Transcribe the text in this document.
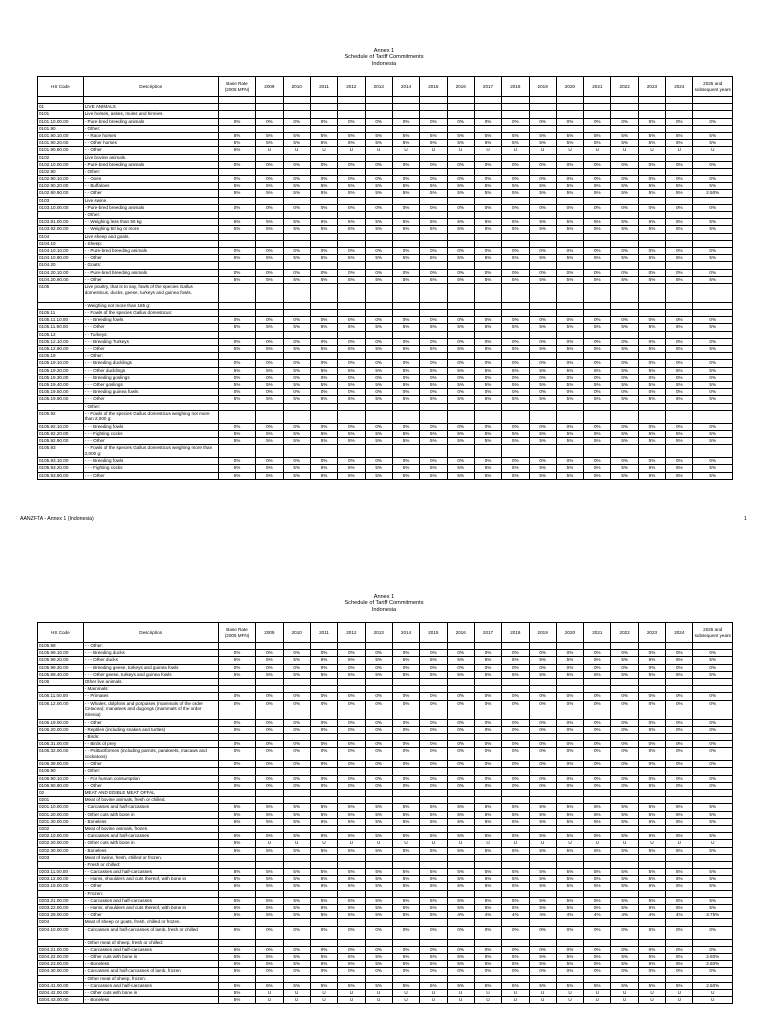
Annex 1
Schedule of Tariff Commitments
Indonesia
HS Code	Description	Base Rate (2005 MFN)	2009	2010	2011	2012	2013	2014	2015	2016	2017	2018	2019	2020	2021	2022	2023	2024	2025 and subsequent years

01	LIVE ANIMALS																		
0101	Live horses, asses, mules and hinnies.																		
0101.10.00.00	- Pure-bred breeding animals	0%	0%	0%	0%	0%	0%	0%	0%	0%	0%	0%	0%	0%	0%	0%	0%	0%	0%
0101.90	- Other:																		
0101.90.10.00	- - Race horses	5%	5%	5%	5%	5%	5%	5%	5%	5%	5%	5%	5%	5%	5%	5%	5%	5%	5%
0101.90.20.00	- - Other horses	5%	5%	5%	5%	5%	5%	5%	5%	5%	5%	5%	5%	5%	5%	5%	5%	5%	5%
0101.90.90.00	- - Other	5%	U	U	U	U	U	U	U	U	U	U	U	U	U	U	U	U	U
0102	Live bovine animals.																		
0102.10.00.00	- Pure-bred breeding animals	0%	0%	0%	0%	0%	0%	0%	0%	0%	0%	0%	0%	0%	0%	0%	0%	0%	0%
0102.90	- Other:																		
0102.90.10.00	- - Oxen	0%	0%	0%	0%	0%	0%	0%	0%	0%	0%	0%	0%	0%	0%	0%	0%	0%	0%
0102.90.20.00	- - Buffaloes	5%	5%	5%	5%	5%	5%	5%	5%	5%	5%	5%	5%	5%	5%	5%	5%	5%	5%
0102.90.90.00	- - Other	5%	5%	5%	5%	5%	5%	5%	5%	5%	5%	5%	5%	5%	5%	5%	5%	5%	2.50%
0103	Live swine.																		
0103.10.00.00	- Pure-bred breeding animals	0%	0%	0%	0%	0%	0%	0%	0%	0%	0%	0%	0%	0%	0%	0%	0%	0%	0%
	- Other:																		
0103.91.00.00	- - Weighing less than 50 kg	5%	5%	5%	5%	5%	5%	5%	5%	5%	5%	5%	5%	5%	5%	5%	5%	5%	5%
0103.92.00.00	- - Weighing 50 kg or more	5%	5%	5%	5%	5%	5%	5%	5%	5%	5%	5%	5%	5%	5%	5%	5%	5%	5%
0104	Live sheep and goats.																		
0104.10	- Sheep:																		
0104.10.10.00	- - Pure-bred breeding animals	0%	0%	0%	0%	0%	0%	0%	0%	0%	0%	0%	0%	0%	0%	0%	0%	0%	0%
0104.10.90.00	- - Other	5%	5%	5%	5%	5%	5%	5%	5%	5%	5%	5%	5%	5%	5%	5%	5%	5%	5%
0104.20	- Goats:																		
0104.20.10.00	- - Pure-bred breeding animals	0%	0%	0%	0%	0%	0%	0%	0%	0%	0%	0%	0%	0%	0%	0%	0%	0%	0%
0104.20.90.00	- - Other	5%	5%	5%	5%	5%	5%	5%	5%	5%	5%	5%	5%	5%	5%	5%	5%	5%	5%
0105	Live poultry, that is to say, fowls of the species Gallus domesticus, ducks, geese, turkeys and guinea fowls.																		
	- Weighing not more than 185 g:																		
0105.11	- - Fowls of the species Gallus domesticus:																		
0105.11.10.00	- - - Breeding fowls	0%	0%	0%	0%	0%	0%	0%	0%	0%	0%	0%	0%	0%	0%	0%	0%	0%	0%
0105.11.90.00	- - - Other	5%	5%	5%	5%	5%	5%	5%	5%	5%	5%	5%	5%	5%	5%	5%	5%	5%	5%
0105.12	- - Turkeys:																		
0105.12.10.00	- - - Breeding Turkeys	0%	0%	0%	0%	0%	0%	0%	0%	0%	0%	0%	0%	0%	0%	0%	0%	0%	0%
0105.12.90.00	- - - Other	5%	5%	5%	5%	5%	5%	5%	5%	5%	5%	5%	5%	5%	5%	5%	5%	5%	5%
0105.19	- - Other:																		
0105.19.10.00	- - - Breeding ducklings	0%	0%	0%	0%	0%	0%	0%	0%	0%	0%	0%	0%	0%	0%	0%	0%	0%	0%
0105.19.20.00	- - - Other ducklings	5%	5%	5%	5%	5%	5%	5%	5%	5%	5%	5%	5%	5%	5%	5%	5%	5%	5%
0105.19.30.00	- - - Breeding goslings	0%	0%	0%	0%	0%	0%	0%	0%	0%	0%	0%	0%	0%	0%	0%	0%	0%	0%
0105.19.40.00	- - - Other goslings	5%	5%	5%	5%	5%	5%	5%	5%	5%	5%	5%	5%	5%	5%	5%	5%	5%	5%
0105.19.50.00	- - - Breeding guinea fowls	0%	0%	0%	0%	0%	0%	0%	0%	0%	0%	0%	0%	0%	0%	0%	0%	0%	0%
0105.19.90.00	- - - Other	5%	5%	5%	5%	5%	5%	5%	5%	5%	5%	5%	5%	5%	5%	5%	5%	5%	5%
	- Other:																		
0105.92	- - Fowls of the species Gallus domesticus weighing not more than 2,000 g:																		
0105.92.10.00	- - - Breeding fowls	0%	0%	0%	0%	0%	0%	0%	0%	0%	0%	0%	0%	0%	0%	0%	0%	0%	0%
0105.92.20.00	- - - Fighting cocks	5%	5%	5%	5%	5%	5%	5%	5%	5%	5%	5%	5%	5%	5%	5%	5%	5%	5%
0105.92.90.00	- - - Other	5%	5%	5%	5%	5%	5%	5%	5%	5%	5%	5%	5%	5%	5%	5%	5%	5%	5%
0105.93	- - Fowls of the species Gallus domesticus weighing more than 2,000 g:																		
0105.93.10.00	- - - Breeding fowls	0%	0%	0%	0%	0%	0%	0%	0%	0%	0%	0%	0%	0%	0%	0%	0%	0%	0%
0105.93.20.00	- - - Fighting cocks	5%	5%	5%	5%	5%	5%	5%	5%	5%	5%	5%	5%	5%	5%	5%	5%	5%	5%
0105.93.90.00	- - - Other	5%	5%	5%	5%	5%	5%	5%	5%	5%	5%	5%	5%	5%	5%	5%	5%	5%	5%
AANZFTA - Annex 1 (Indonesia)	1
Annex 1
Schedule of Tariff Commitments
Indonesia
HS Code	Description	Base Rate (2005 MFN)	2009	2010	2011	2012	2013	2014	2015	2016	2017	2018	2019	2020	2021	2022	2023	2024	2025 and subsequent years
0105.99	- - Other:																		
0105.99.10.00	- - - Breeding ducks	0%	0%	0%	0%	0%	0%	0%	0%	0%	0%	0%	0%	0%	0%	0%	0%	0%	0%
0105.99.20.00	- - - Other ducks	5%	5%	5%	5%	5%	5%	5%	5%	5%	5%	5%	5%	5%	5%	5%	5%	5%	5%
0105.99.30.00	- - - Breeding geese, turkeys and guinea fowls	0%	0%	0%	0%	0%	0%	0%	0%	0%	0%	0%	0%	0%	0%	0%	0%	0%	0%
0105.99.40.00	- - - Other geese, turkeys and guinea fowls	5%	5%	5%	5%	5%	5%	5%	5%	5%	5%	5%	5%	5%	5%	5%	5%	5%	5%
0106	Other live animals.																		
	- Mammals:																		
0106.11.00.00	- - Primates	0%	0%	0%	0%	0%	0%	0%	0%	0%	0%	0%	0%	0%	0%	0%	0%	0%	0%
0106.12.00.00	- - Whales, dolphins and porpoises (mammals of the order Cetacea); manatees and dugongs (mammals of the order Sirenia)	0%	0%	0%	0%	0%	0%	0%	0%	0%	0%	0%	0%	0%	0%	0%	0%	0%	0%
0106.19.00.00	- - Other	0%	0%	0%	0%	0%	0%	0%	0%	0%	0%	0%	0%	0%	0%	0%	0%	0%	0%
0106.20.00.00	- Reptiles (including snakes and turtles)	0%	0%	0%	0%	0%	0%	0%	0%	0%	0%	0%	0%	0%	0%	0%	0%	0%	0%
	- Birds:																		
0106.31.00.00	- - Birds of prey	0%	0%	0%	0%	0%	0%	0%	0%	0%	0%	0%	0%	0%	0%	0%	0%	0%	0%
0106.32.00.00	- - Psittaciformes (including parrots, parakeets, macaws and cockatoos)	0%	0%	0%	0%	0%	0%	0%	0%	0%	0%	0%	0%	0%	0%	0%	0%	0%	0%
0106.39.00.00	- - Other	0%	0%	0%	0%	0%	0%	0%	0%	0%	0%	0%	0%	0%	0%	0%	0%	0%	0%
0106.90	- Other:																		
0106.90.10.00	- - For human consumption	0%	0%	0%	0%	0%	0%	0%	0%	0%	0%	0%	0%	0%	0%	0%	0%	0%	0%
0106.90.90.00	- - Other	0%	0%	0%	0%	0%	0%	0%	0%	0%	0%	0%	0%	0%	0%	0%	0%	0%	0%
02	MEAT AND EDIBLE MEAT OFFAL																		
0201	Meat of bovine animals, fresh or chilled.																		
0201.10.00.00	- Carcasses and half-carcasses	5%	5%	5%	5%	5%	5%	5%	5%	5%	5%	5%	5%	5%	5%	5%	5%	5%	5%
0201.20.00.00	- Other cuts with bone in	5%	5%	5%	5%	5%	5%	5%	5%	5%	5%	5%	5%	5%	5%	5%	5%	5%	5%
0201.30.00.00	- Boneless	5%	5%	5%	5%	5%	5%	5%	5%	5%	5%	5%	5%	5%	5%	5%	5%	5%	5%
0202	Meat of bovine animals, frozen.																		
0202.10.00.00	- Carcasses and half-carcasses	5%	5%	5%	5%	5%	5%	5%	5%	5%	5%	5%	5%	5%	5%	5%	5%	5%	5%
0202.20.00.00	- Other cuts with bone in	5%	U	U	U	U	U	U	U	U	U	U	U	U	U	U	U	U	U
0202.30.00.00	- Boneless	5%	5%	5%	5%	5%	5%	5%	5%	5%	5%	5%	5%	5%	5%	5%	5%	5%	5%
0203	Meat of swine, fresh, chilled or frozen.																		
	- Fresh or chilled:																		
0203.11.00.00	- - Carcasses and half-carcasses	5%	5%	5%	5%	5%	5%	5%	5%	5%	5%	5%	5%	5%	5%	5%	5%	5%	5%
0203.12.00.00	- - Hams, shoulders and cuts thereof, with bone in	5%	5%	5%	5%	5%	5%	5%	5%	5%	5%	5%	5%	5%	5%	5%	5%	5%	5%
0203.19.00.00	- - Other	5%	5%	5%	5%	5%	5%	5%	5%	5%	5%	5%	5%	5%	5%	5%	5%	5%	5%
	- Frozen:																		
0203.21.00.00	- - Carcasses and half-carcasses	5%	5%	5%	5%	5%	5%	5%	5%	5%	5%	5%	5%	5%	5%	5%	5%	5%	5%
0203.22.00.00	- - Hams, shoulders and cuts thereof, with bone in	5%	5%	5%	5%	5%	5%	5%	5%	5%	5%	5%	5%	5%	5%	5%	5%	5%	5%
0203.29.00.00	- - Other	5%	5%	5%	5%	5%	5%	5%	5%	4%	4%	4%	4%	4%	4%	4%	4%	4%	3.75%
0204	Meat of sheep or goats, fresh, chilled or frozen.																		
0204.10.00.00	- Carcasses and half-carcasses of lamb, fresh or chilled	5%	0%	0%	0%	0%	0%	0%	0%	0%	0%	0%	0%	0%	0%	0%	0%	0%	0%
	- Other meat of sheep, fresh or chilled:																		
0204.21.00.00	- - Carcasses and half-carcasses	5%	0%	0%	0%	0%	0%	0%	0%	0%	0%	0%	0%	0%	0%	0%	0%	0%	0%
0204.22.00.00	- - Other cuts with bone in	5%	5%	5%	5%	5%	5%	5%	5%	5%	5%	5%	5%	5%	5%	5%	5%	5%	2.50%
0204.23.00.00	- - Boneless	5%	5%	5%	5%	5%	5%	5%	5%	5%	5%	5%	5%	5%	5%	5%	5%	5%	2.50%
0204.30.00.00	- Carcasses and half-carcasses of lamb, frozen	5%	0%	0%	0%	0%	0%	0%	0%	0%	0%	0%	0%	0%	0%	0%	0%	0%	0%
	- Other meat of sheep, frozen:																		
0204.41.00.00	- - Carcasses and half-carcasses	5%	5%	5%	5%	5%	5%	5%	5%	5%	5%	5%	5%	5%	5%	5%	5%	5%	2.50%
0204.42.00.00	- - Other cuts with bone in	5%	U	U	U	U	U	U	U	U	U	U	U	U	U	U	U	U	U
0204.43.00.00	- - Boneless	5%	U	U	U	U	U	U	U	U	U	U	U	U	U	U	U	U	U
